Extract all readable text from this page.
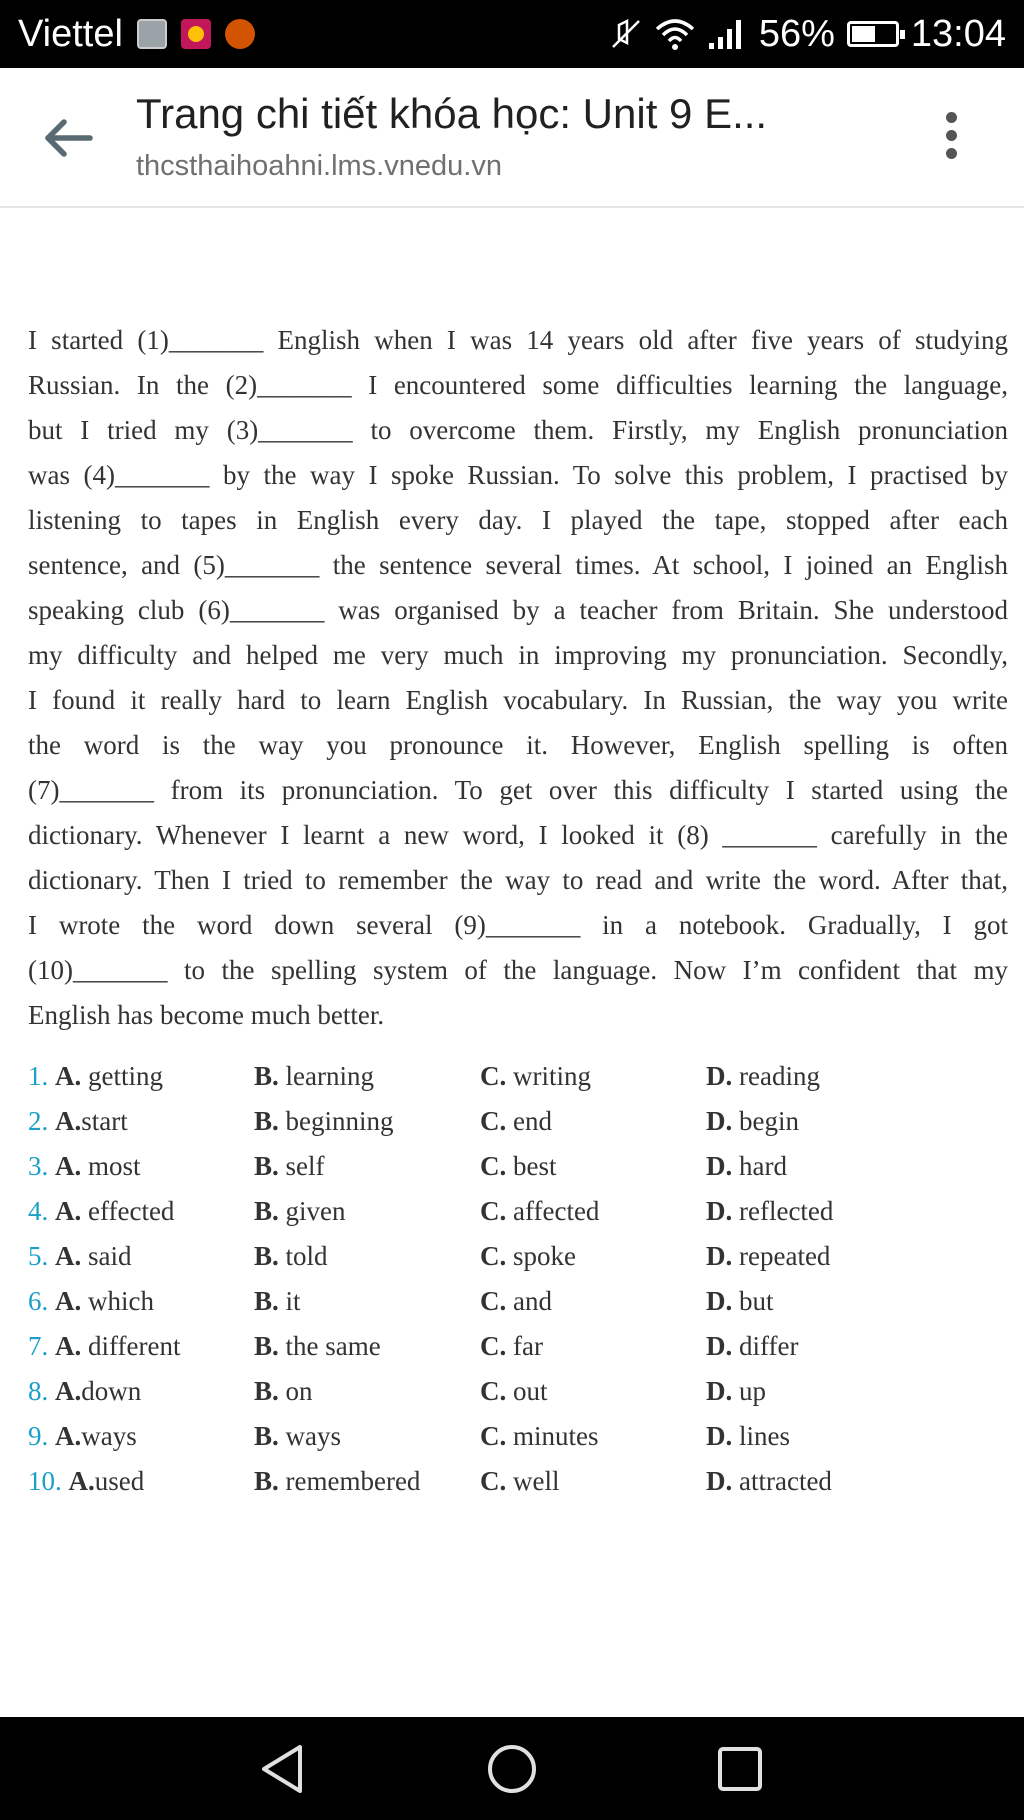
Viettel	56% 13:04
Trang chi tiết khóa học: Unit 9 E...
thcsthaihoahni.lms.vnedu.vn
I started (1)_______ English when I was 14 years old after five years of studying
Russian. In the (2)_______ I encountered some difficulties learning the language,
but I tried my (3)_______ to overcome them. Firstly, my English pronunciation
was (4)_______ by the way I spoke Russian. To solve this problem, I practised by
listening to tapes in English every day. I played the tape, stopped after each
sentence, and (5)_______ the sentence several times. At school, I joined an English
speaking club (6)_______ was organised by a teacher from Britain. She understood
my difficulty and helped me very much in improving my pronunciation. Secondly,
I found it really hard to learn English vocabulary. In Russian, the way you write
the word is the way you pronounce it. However, English spelling is often
(7)_______ from its pronunciation. To get over this difficulty I started using the
dictionary. Whenever I learnt a new word, I looked it (8) _______ carefully in the
dictionary. Then I tried to remember the way to read and write the word. After that,
I wrote the word down several (9)_______ in a notebook. Gradually, I got
(10)_______ to the spelling system of the language. Now I’m confident that my
English has become much better.
1. A. getting	B. learning	C. writing	D. reading
2. A.start	B. beginning	C. end	D. begin
3. A. most	B. self	C. best	D. hard
4. A. effected	B. given	C. affected	D. reflected
5. A. said	B. told	C. spoke	D. repeated
6. A. which	B. it	C. and	D. but
7. A. different	B. the same	C. far	D. differ
8. A.down	B. on	C. out	D. up
9. A.ways	B. ways	C. minutes	D. lines
10. A.used	B. remembered	C. well	D. attracted
